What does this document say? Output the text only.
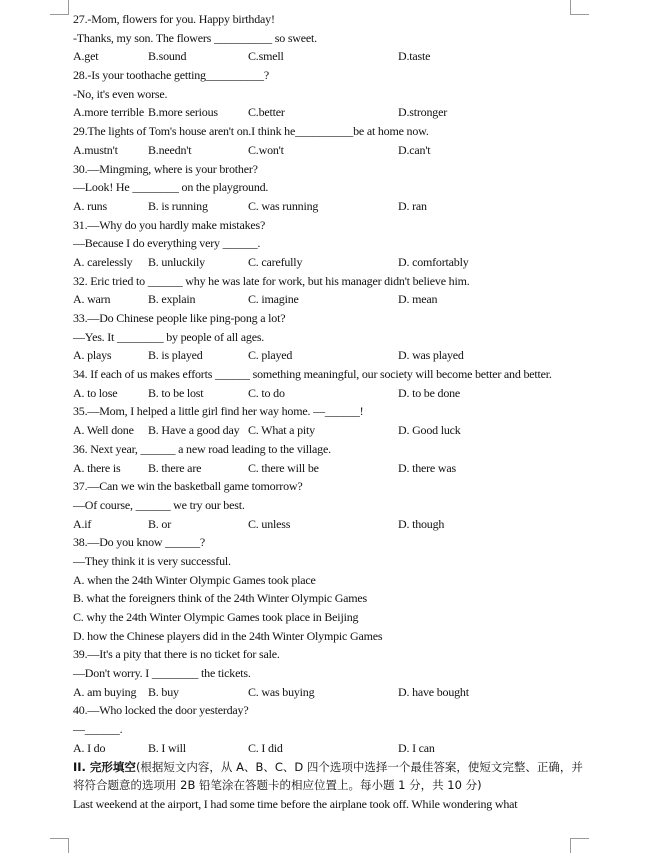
27.-Mom, flowers for you. Happy birthday!
-Thanks, my son. The flowers __________ so sweet.
A.get	B.sound	C.smell	D.taste
28.-Is your toothache getting__________?
-No, it's even worse.
A.more terrible B.more serious	C.better	D.stronger
29.The lights of Tom's house aren't on.I think he__________be at home now.
A.mustn't	B.needn't	C.won't	D.can't
30.—Mingming, where is your brother?
—Look! He ________ on the playground.
A. runs	B. is running	C. was running	D. ran
31.—Why do you hardly make mistakes?
—Because I do everything very ______.
A. carelessly B. unluckily	C. carefully	D. comfortably
32. Eric tried to ______ why he was late for work, but his manager didn't believe him.
A. warn	B. explain	C. imagine	D. mean
33.—Do Chinese people like ping-pong a lot?
—Yes. It ________ by people of all ages.
A. plays	B. is played	C. played	D. was played
34. If each of us makes efforts ______ something meaningful, our society will become better and better.
A. to lose	B. to be lost	C. to do	D. to be done
35.—Mom, I helped a little girl find her way home. —______!
A. Well done B. Have a good day C. What a pity	D. Good luck
36. Next year, ______ a new road leading to the village.
A. there is B. there are	C. there will be	D. there was
37.—Can we win the basketball game tomorrow?
—Of course, ______ we try our best.
A.if	B. or	C. unless	D. though
38.—Do you know ______?
—They think it is very successful.
A. when the 24th Winter Olympic Games took place
B. what the foreigners think of the 24th Winter Olympic Games
C. why the 24th Winter Olympic Games took place in Beijing
D. how the Chinese players did in the 24th Winter Olympic Games
39.—It's a pity that there is no ticket for sale.
—Don't worry. I ________ the tickets.
A. am buying B. buy	C. was buying	D. have bought
40.—Who locked the door yesterday?
—______.
A. I do	B. I will	C. I did	D. I can
II. 完形填空(根据短文内容，从 A、B、C、D 四个选项中选择一个最佳答案，使短文完整、正确，并将符合题意的选项用 2B 铅笔涂在答题卡的相应位置上。每小题 1 分，共 10 分)
Last weekend at the airport, I had some time before the airplane took off. While wondering what
